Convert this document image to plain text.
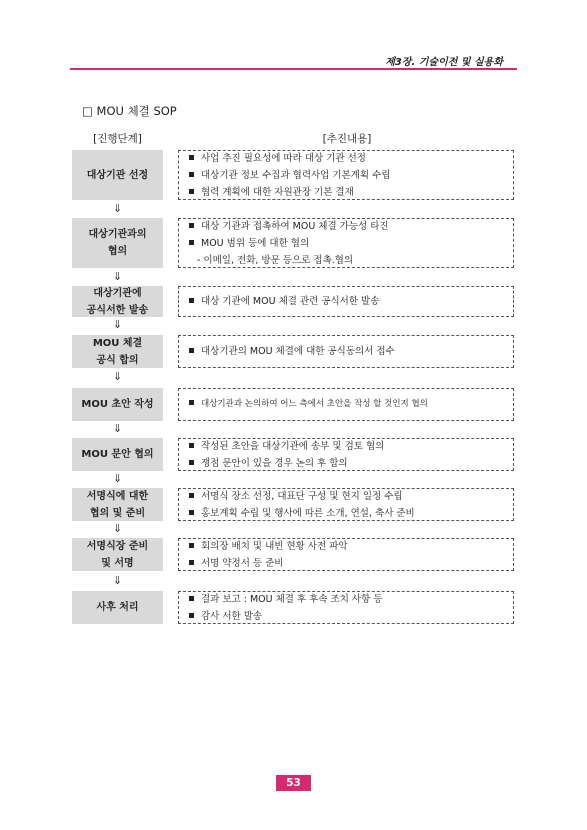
제3장. 기술이전 및 실용화
□ MOU 체결 SOP
[진행단계]	[추진내용]
대상기관 선정
사업 추진 필요성에 따라 대상 기관 선정
대상기관 정보 수집과 협력사업 기본계획 수립
협력 계획에 대한 자원관장 기본 결재
⇓
대상기관과의
협의
대상 기관과 접촉하여 MOU 체결 가능성 타진
MOU 범위 등에 대한 협의
- 이메일, 전화, 방문 등으로 접촉.협의
⇓
대상기관에
공식서한 발송
대상 기관에 MOU 체결 관련 공식서한 발송
⇓
MOU 체결
공식 합의
대상기관의 MOU 체결에 대한 공식동의서 접수
⇓
MOU 초안 작성	대상기관과 논의하여 어느 측에서 초안을 작성 할 것인지 협의
⇓
MOU 문안 협의
작성된 초안을 대상기관에 송부 및 검토 협의
쟁점 문안이 있을 경우 논의 후 합의
⇓
서명식에 대한
협의 및 준비
서명식 장소 선정, 대표단 구성 및 현지 일정 수립
홍보계획 수립 및 행사에 따른 소개, 연설, 축사 준비
⇓
서명식장 준비
및 서명
회의장 배치 및 내빈 현황 사전 파악
서명 약정서 등 준비
⇓
사후 처리
결과 보고 : MOU 체결 후 후속 조치 사항 등
감사 서한 발송
53
